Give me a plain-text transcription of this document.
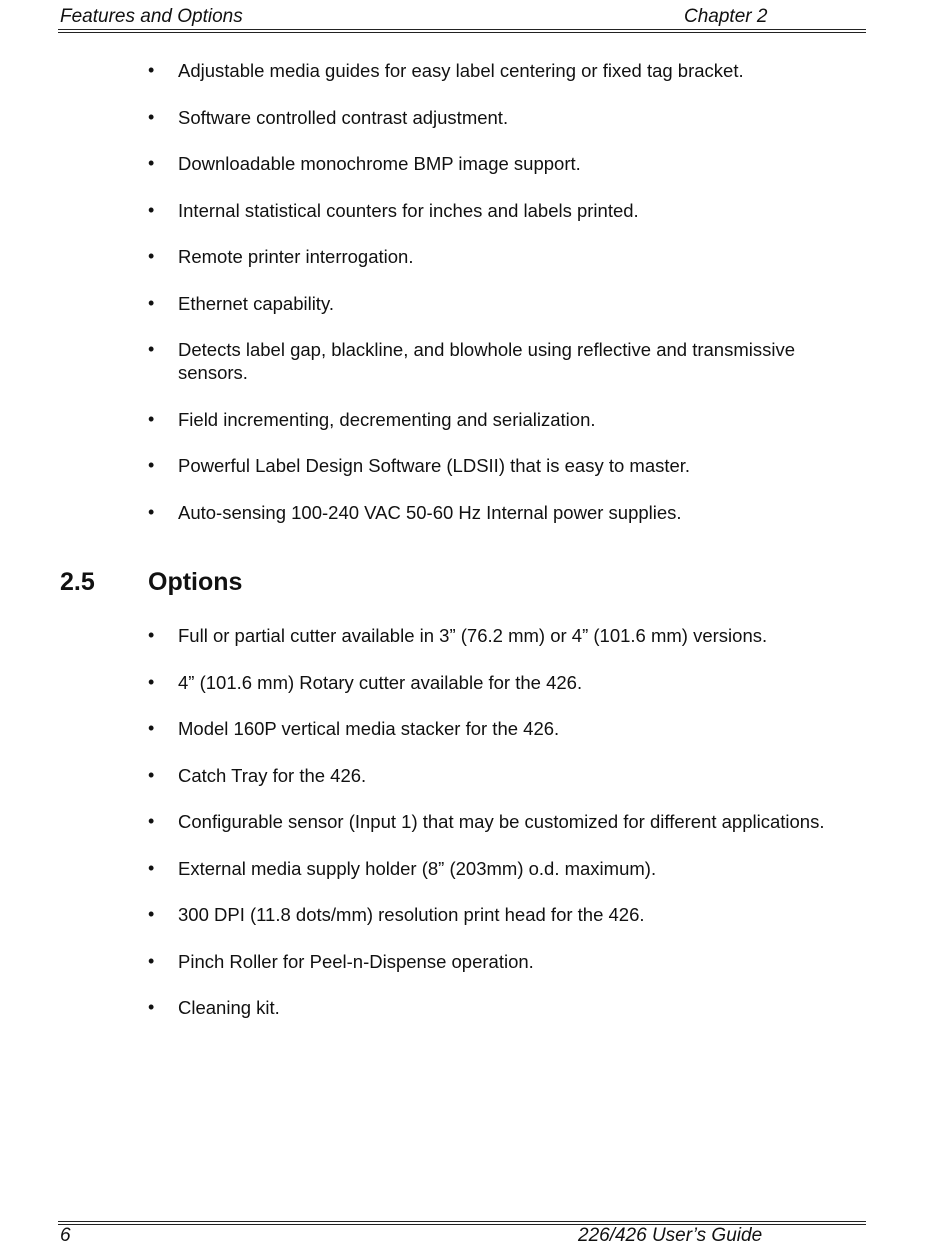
Features and Options	Chapter 2
• Adjustable media guides for easy label centering or fixed tag bracket.
• Software controlled contrast adjustment.
• Downloadable monochrome BMP image support.
• Internal statistical counters for inches and labels printed.
• Remote printer interrogation.
• Ethernet capability.
• Detects label gap, blackline, and blowhole using reflective and transmissive sensors.
• Field incrementing, decrementing and serialization.
• Powerful Label Design Software (LDSII) that is easy to master.
• Auto-sensing 100-240 VAC 50-60 Hz Internal power supplies.
2.5 Options
• Full or partial cutter available in 3” (76.2 mm) or 4” (101.6 mm) versions.
• 4” (101.6 mm) Rotary cutter available for the 426.
• Model 160P vertical media stacker for the 426.
• Catch Tray for the 426.
• Configurable sensor (Input 1) that may be customized for different applications.
• External media supply holder (8” (203mm) o.d. maximum).
• 300 DPI (11.8 dots/mm) resolution print head for the 426.
• Pinch Roller for Peel-n-Dispense operation.
• Cleaning kit.
6	226/426 User’s Guide
